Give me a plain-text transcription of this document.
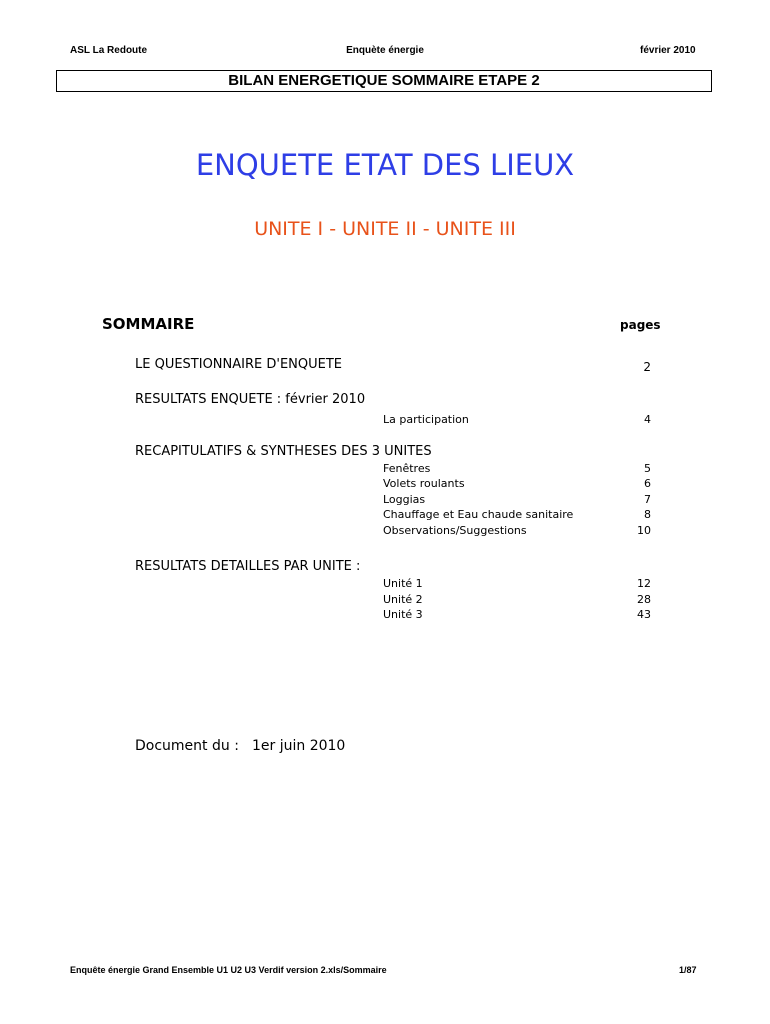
ASL La Redoute	Enquète énergie	février 2010
BILAN ENERGETIQUE SOMMAIRE ETAPE 2
ENQUETE ETAT DES LIEUX
UNITE I - UNITE II - UNITE III
SOMMAIRE	pages
LE QUESTIONNAIRE D'ENQUETE	2
RESULTATS ENQUETE : février 2010
La participation	4
RECAPITULATIFS & SYNTHESES DES 3 UNITES
Fenêtres	5
Volets roulants	6
Loggias	7
Chauffage et Eau chaude sanitaire	8
Observations/Suggestions	10
RESULTATS DETAILLES PAR UNITE :
Unité 1	12
Unité 2	28
Unité 3	43
Document du : 1er juin 2010
Enquête énergie Grand Ensemble U1 U2 U3 Verdif version 2.xls/Sommaire	1/87
